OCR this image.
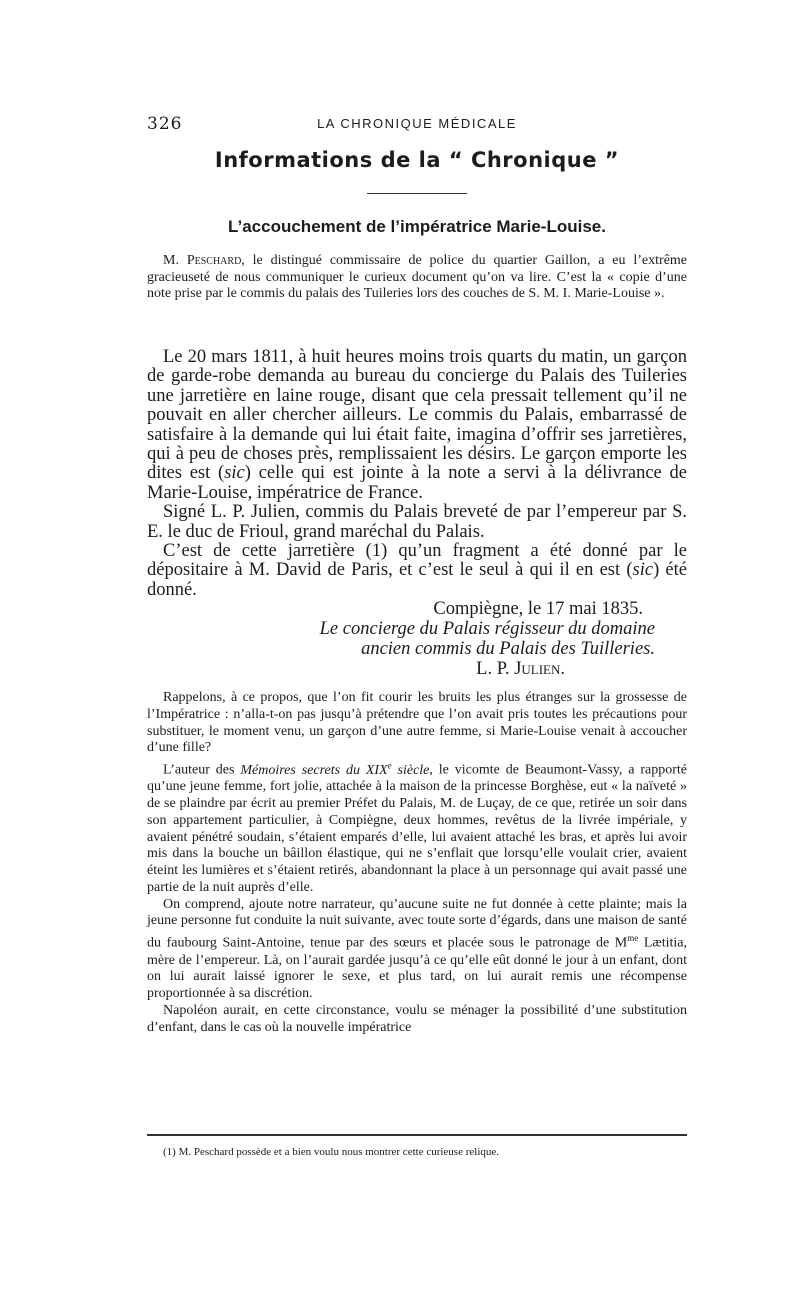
326	LA CHRONIQUE MÉDICALE
Informations de la “ Chronique ”
L’accouchement de l’impératrice Marie-Louise.

M. Peschard, le distingué commissaire de police du quartier Gaillon, a eu l’extrême gracieuseté de nous communiquer le curieux document qu’on va lire. C’est la « copie d’une note prise par le commis du palais des Tuileries lors des couches de S. M. I. Marie-Louise ».

Le 20 mars 1811, à huit heures moins trois quarts du matin, un garçon de garde-robe demanda au bureau du concierge du Palais des Tuileries une jarretière en laine rouge, disant que cela pressait tellement qu’il ne pouvait en aller chercher ailleurs. Le commis du Palais, embarrassé de satisfaire à la demande qui lui était faite, imagina d’offrir ses jarretières, qui à peu de choses près, remplissaient les désirs. Le garçon emporte les dites est (sic) celle qui est jointe à la note a servi à la délivrance de Marie-Louise, impératrice de France.

Signé L. P. Julien, commis du Palais breveté de par l’empereur par S. E. le duc de Frioul, grand maréchal du Palais.

C’est de cette jarretière (1) qu’un fragment a été donné par le dépositaire à M. David de Paris, et c’est le seul à qui il en est (sic) été donné.

Compiègne, le 17 mai 1835.
Le concierge du Palais régisseur du domaine
ancien commis du Palais des Tuilleries.
L. P. Julien.

Rappelons, à ce propos, que l’on fit courir les bruits les plus étranges sur la grossesse de l’Impératrice : n’alla-t-on pas jusqu’à prétendre que l’on avait pris toutes les précautions pour substituer, le moment venu, un garçon d’une autre femme, si Marie-Louise venait à accoucher d’une fille?

L’auteur des Mémoires secrets du XIXe siècle, le vicomte de Beaumont-Vassy, a rapporté qu’une jeune femme, fort jolie, attachée à la maison de la princesse Borghèse, eut « la naïveté » de se plaindre par écrit au premier Préfet du Palais, M. de Luçay, de ce que, retirée un soir dans son appartement particulier, à Compiègne, deux hommes, revêtus de la livrée impériale, y avaient pénétré soudain, s’étaient emparés d’elle, lui avaient attaché les bras, et après lui avoir mis dans la bouche un bâillon élastique, qui ne s’enflait que lorsqu’elle voulait crier, avaient éteint les lumières et s’étaient retirés, abandonnant la place à un personnage qui avait passé une partie de la nuit auprès d’elle.

On comprend, ajoute notre narrateur, qu’aucune suite ne fut donnée à cette plainte; mais la jeune personne fut conduite la nuit suivante, avec toute sorte d’égards, dans une maison de santé du faubourg Saint-Antoine, tenue par des sœurs et placée sous le patronage de $M^{me}$ Lætitia, mère de l’empereur. Là, on l’aurait gardée jusqu’à ce qu’elle eût donné le jour à un enfant, dont on lui aurait laissé ignorer le sexe, et plus tard, on lui aurait remis une récompense proportionnée à sa discrétion.

Napoléon aurait, en cette circonstance, voulu se ménager la possibilité d’une substitution d’enfant, dans le cas où la nouvelle impératrice

(1) M. Peschard possède et a bien voulu nous montrer cette curieuse relique.
